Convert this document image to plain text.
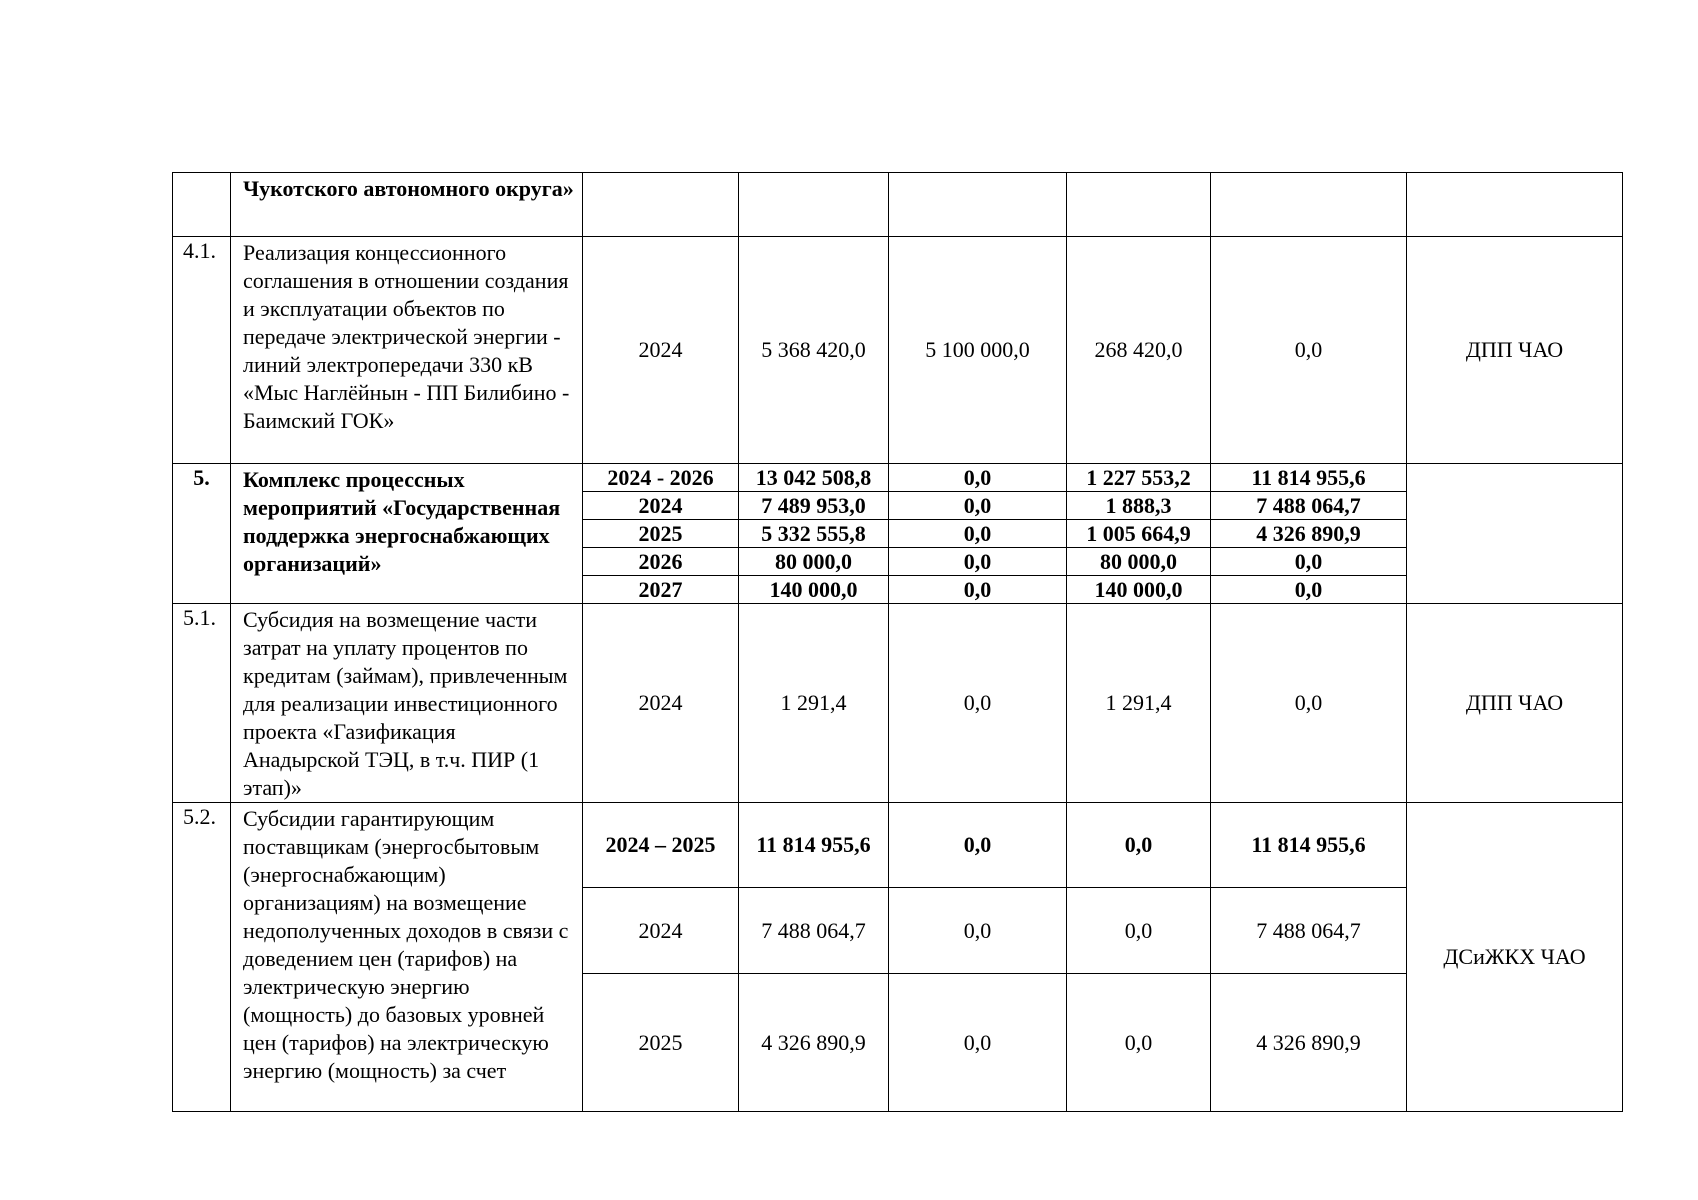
	Чукотского автономного округа»						
4.1.	Реализация концессионного соглашения в отношении создания и эксплуатации объектов по передаче электрической энергии - линий электропередачи 330 кВ «Мыс Наглёйнын - ПП Билибино - Баимский ГОК»	2024	5 368 420,0	5 100 000,0	268 420,0	0,0	ДПП ЧАО
5.	Комплекс процессных мероприятий «Государственная поддержка энергоснабжающих организаций»	2024 - 2026	13 042 508,8	0,0	1 227 553,2	11 814 955,6	
		2024	7 489 953,0	0,0	1 888,3	7 488 064,7	
		2025	5 332 555,8	0,0	1 005 664,9	4 326 890,9	
		2026	80 000,0	0,0	80 000,0	0,0	
		2027	140 000,0	0,0	140 000,0	0,0	
5.1.	Субсидия на возмещение части затрат на уплату процентов по кредитам (займам), привлеченным для реализации инвестиционного проекта «Газификация Анадырской ТЭЦ, в т.ч. ПИР (1 этап)»	2024	1 291,4	0,0	1 291,4	0,0	ДПП ЧАО
5.2.	Субсидии гарантирующим поставщикам (энергосбытовым (энергоснабжающим) организациям) на возмещение недополученных доходов в связи с доведением цен (тарифов) на электрическую энергию (мощность) до базовых уровней цен (тарифов) на электрическую энергию (мощность) за счет	2024 – 2025	11 814 955,6	0,0	0,0	11 814 955,6	ДСиЖКХ ЧАО
		2024	7 488 064,7	0,0	0,0	7 488 064,7	
		2025	4 326 890,9	0,0	0,0	4 326 890,9	
